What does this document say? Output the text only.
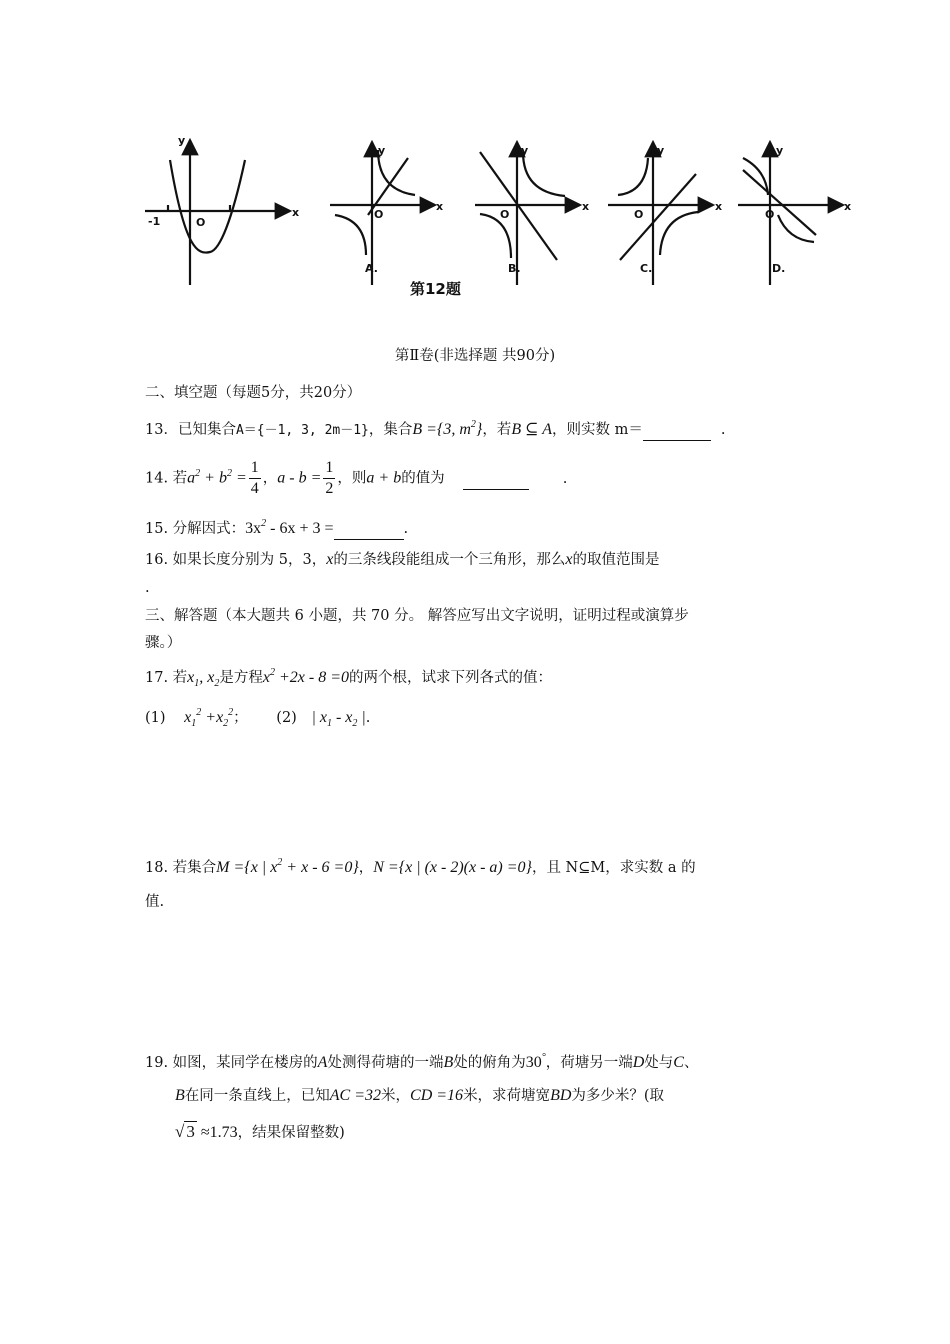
y
x
-1	O
y
x
O
y
x
O
y
x
O
y
x
O
A.	B.	C.	D.
第12题
第Ⅱ卷(非选择题 共90分)
二、填空题（每题5分，共20分）
13．已知集合A＝{－1, 3, 2m－1}，集合B ={3, $m^2$}，若B ⊆ A，则实数 m＝	.
14. 若$a^2 + b^2 = \frac{1}{4}$ ，$a - b = \frac{1}{2}$ ，则a + b的值为	.
15. 分解因式：$3x^2 - 6x + 3$ =	.
16. 如果长度分别为 5，3，x的三条线段能组成一个三角形，那么x的取值范围是
.
三、解答题（本大题共 6 小题，共 70 分。 解答应写出文字说明，证明过程或演算步
骤。）
17. 若$x_1$, $x_2$是方程$x^2 +2x - 8 =0$的两个根，试求下列各式的值：
(1) $x_1^2 +x_2^2$； (2) | $x_1 - x_2$ |.
18. 若集合M ={x | $x^2 + x - 6 =0$}，N ={x | (x - 2)(x - a) =0}，且 N⊆M，求实数 a 的
值.
19. 如图，某同学在楼房的A处测得荷塘的一端B处的俯角为30°，荷塘另一端D处与C、
B在同一条直线上，已知AC =32米，CD =16米，求荷塘宽BD为多少米？(取
√ 3 ≈1.73，结果保留整数)
